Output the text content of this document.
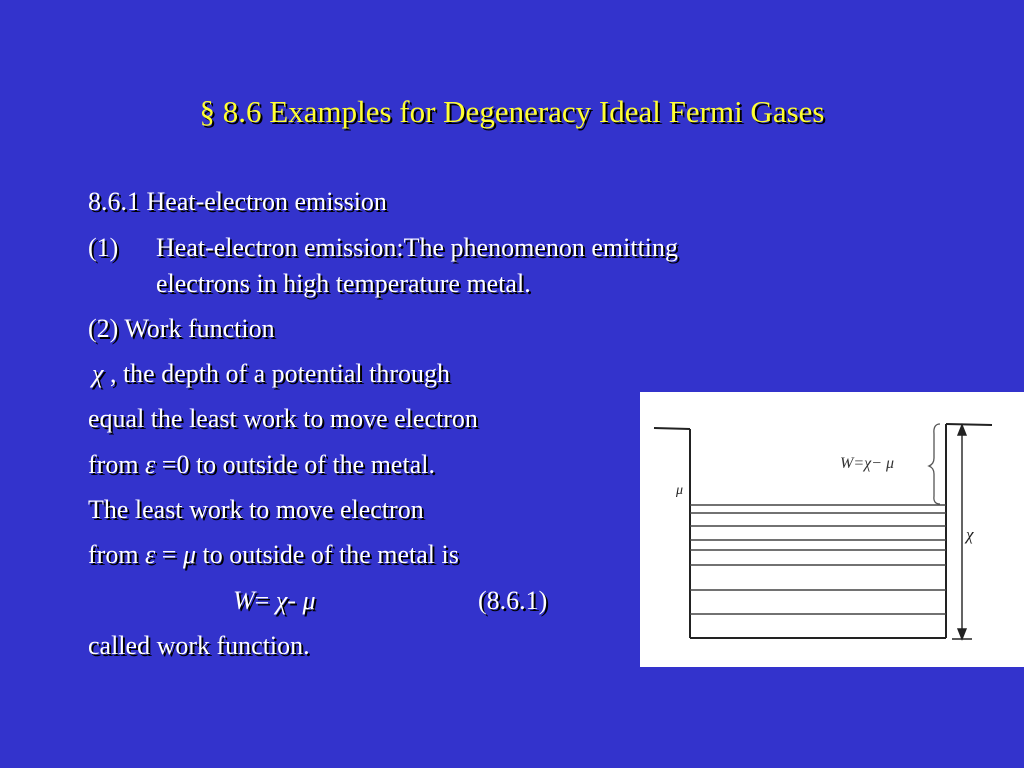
§ 8.6 Examples for Degeneracy Ideal Fermi Gases
8.6.1 Heat-electron emission
(1) Heat-electron emission:The phenomenon emitting
electrons in high temperature metal.
(2) Work function
χ , the depth of a potential through
equal the least work to move electron
from ε =0 to outside of the metal.
The least work to move electron
from ε = μ to outside of the metal is
W= χ- μ	(8.6.1)
called work function.
W=χ− μ
μ
χ
